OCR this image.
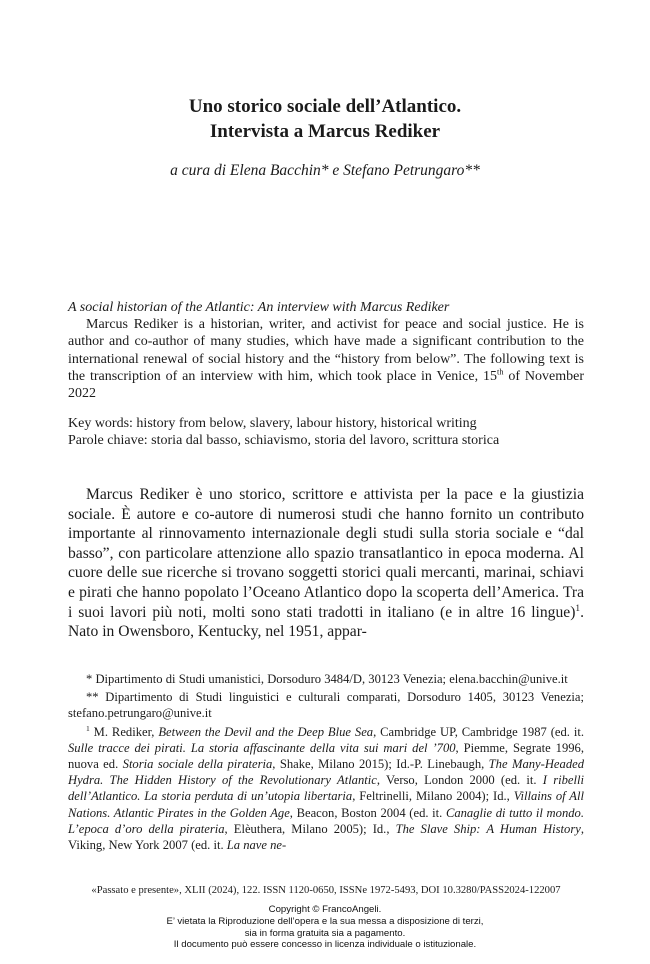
Uno storico sociale dell’Atlantico.
Intervista a Marcus Rediker
a cura di Elena Bacchin* e Stefano Petrungaro**
A social historian of the Atlantic: An interview with Marcus Rediker

Marcus Rediker is a historian, writer, and activist for peace and social justice. He is author and co-author of many studies, which have made a significant contribution to the international renewal of social history and the “history from below”. The following text is the transcription of an interview with him, which took place in Venice, 15th of November 2022

Key words: history from below, slavery, labour history, historical writing
Parole chiave: storia dal basso, schiavismo, storia del lavoro, scrittura storica

Marcus Rediker è uno storico, scrittore e attivista per la pace e la giustizia sociale. È autore e co-autore di numerosi studi che hanno fornito un contributo importante al rinnovamento internazionale degli studi sulla storia sociale e “dal basso”, con particolare attenzione allo spazio transatlantico in epoca moderna. Al cuore delle sue ricerche si trovano soggetti storici quali mercanti, marinai, schiavi e pirati che hanno popolato l’Oceano Atlantico dopo la scoperta dell’America. Tra i suoi lavori più noti, molti sono stati tradotti in italiano (e in altre 16 lingue)$^1$. Nato in Owensboro, Kentucky, nel 1951, appar-

* Dipartimento di Studi umanistici, Dorsoduro 3484/D, 30123 Venezia; elena.bacchin@unive.it

** Dipartimento di Studi linguistici e culturali comparati, Dorsoduro 1405, 30123 Venezia; stefano.petrungaro@unive.it

$^1$ M. Rediker, Between the Devil and the Deep Blue Sea, Cambridge UP, Cambridge 1987 (ed. it. Sulle tracce dei pirati. La storia affascinante della vita sui mari del ’700, Piemme, Segrate 1996, nuova ed. Storia sociale della pirateria, Shake, Milano 2015); Id.-P. Linebaugh, The Many-Headed Hydra. The Hidden History of the Revolutionary Atlantic, Verso, London 2000 (ed. it. I ribelli dell’Atlantico. La storia perduta di un’utopia libertaria, Feltrinelli, Milano 2004); Id., Villains of All Nations. Atlantic Pirates in the Golden Age, Beacon, Boston 2004 (ed. it. Canaglie di tutto il mondo. L’epoca d’oro della pirateria, Elèuthera, Milano 2005); Id., The Slave Ship: A Human History, Viking, New York 2007 (ed. it. La nave ne-

«Passato e presente», XLII (2024), 122. ISSN 1120-0650, ISSNe 1972-5493, DOI 10.3280/PASS2024-122007
Copyright © FrancoAngeli.
E’ vietata la Riproduzione dell’opera e la sua messa a disposizione di terzi,
sia in forma gratuita sia a pagamento.
Il documento può essere concesso in licenza individuale o istituzionale.
